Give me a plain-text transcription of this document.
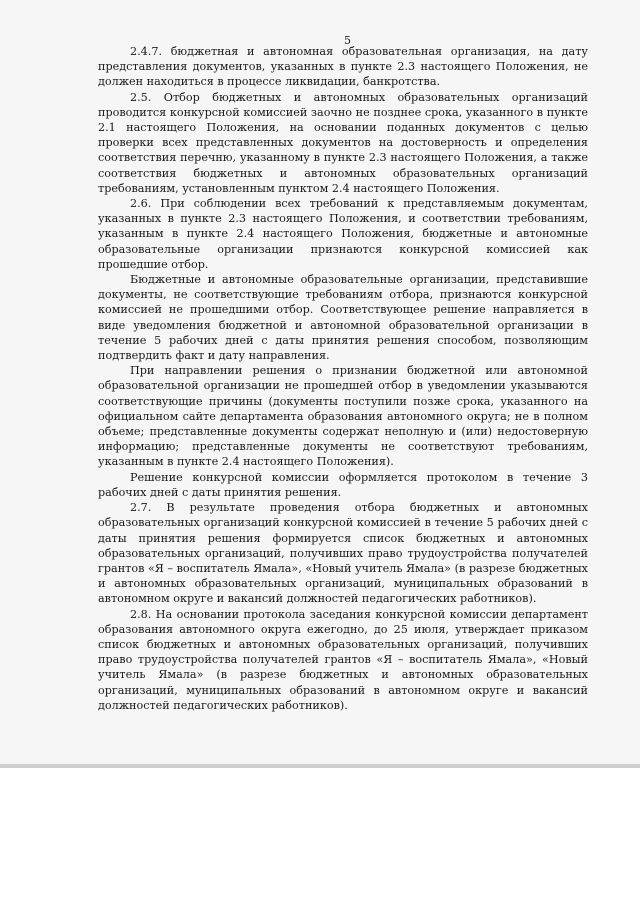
5

2.4.7. бюджетная и автономная образовательная организация, на дату представления документов, указанных в пункте 2.3 настоящего Положения, не должен находиться в процессе ликвидации, банкротства.

2.5. Отбор бюджетных и автономных образовательных организаций проводится конкурсной комиссией заочно не позднее срока, указанного в пункте 2.1 настоящего Положения, на основании поданных документов с целью проверки всех представленных документов на достоверность и определения соответствия перечню, указанному в пункте 2.3 настоящего Положения, а также соответствия бюджетных и автономных образовательных организаций требованиям, установленным пунктом 2.4 настоящего Положения.

2.6. При соблюдении всех требований к представляемым документам, указанных в пункте 2.3 настоящего Положения, и соответствии требованиям, указанным в пункте 2.4 настоящего Положения, бюджетные и автономные образовательные организации признаются конкурсной комиссией как прошедшие отбор.

Бюджетные и автономные образовательные организации, представившие документы, не соответствующие требованиям отбора, признаются конкурсной комиссией не прошедшими отбор. Соответствующее решение направляется в виде уведомления бюджетной и автономной образовательной организации в течение 5 рабочих дней с даты принятия решения способом, позволяющим подтвердить факт и дату направления.

При направлении решения о признании бюджетной или автономной образовательной организации не прошедшей отбор в уведомлении указываются соответствующие причины (документы поступили позже срока, указанного на официальном сайте департамента образования автономного округа; не в полном объеме; представленные документы содержат неполную и (или) недостоверную информацию; представленные документы не соответствуют требованиям, указанным в пункте 2.4 настоящего Положения).

Решение конкурсной комиссии оформляется протоколом в течение 3 рабочих дней с даты принятия решения.

2.7. В результате проведения отбора бюджетных и автономных образовательных организаций конкурсной комиссией в течение 5 рабочих дней с даты принятия решения формируется список бюджетных и автономных образовательных организаций, получивших право трудоустройства получателей грантов «Я – воспитатель Ямала», «Новый учитель Ямала» (в разрезе бюджетных и автономных образовательных организаций, муниципальных образований в автономном округе и вакансий должностей педагогических работников).

2.8. На основании протокола заседания конкурсной комиссии департамент образования автономного округа ежегодно, до 25 июля, утверждает приказом список бюджетных и автономных образовательных организаций, получивших право трудоустройства получателей грантов «Я – воспитатель Ямала», «Новый учитель Ямала» (в разрезе бюджетных и автономных образовательных организаций, муниципальных образований в автономном округе и вакансий должностей педагогических работников).
